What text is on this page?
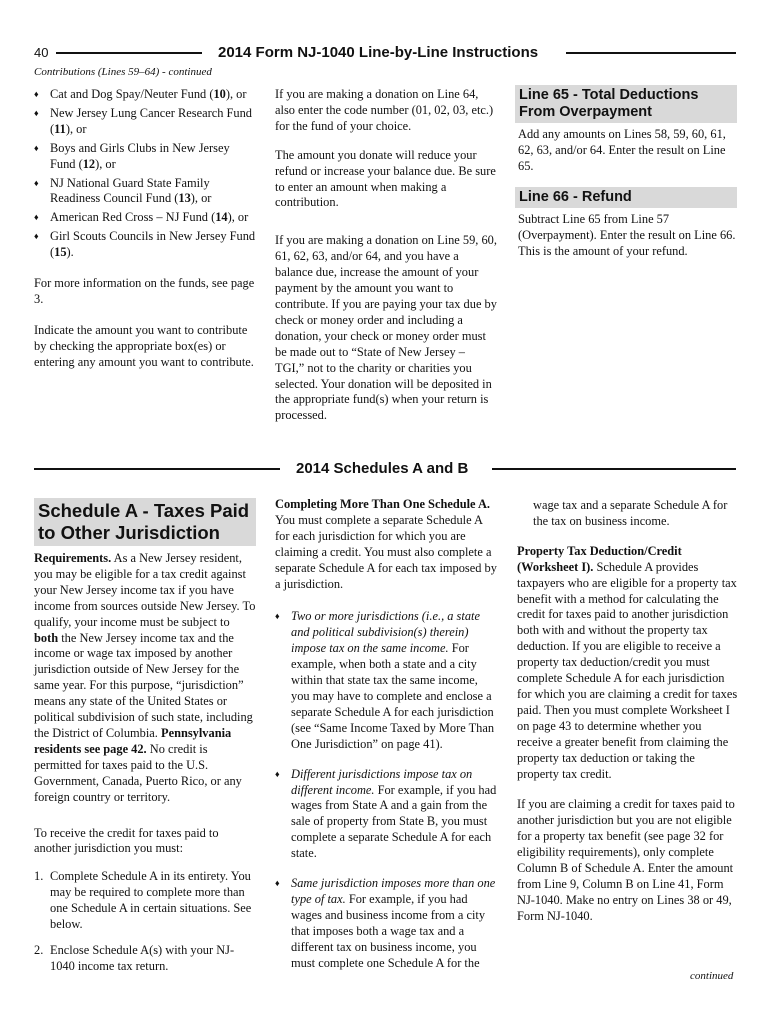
40	2014 Form NJ-1040 Line-by-Line Instructions
Contributions (Lines 59–64) - continued
♦ Cat and Dog Spay/Neuter Fund (10), or
♦ New Jersey Lung Cancer Research Fund (11), or
♦ Boys and Girls Clubs in New Jersey Fund (12), or
♦ NJ National Guard State Family Readiness Council Fund (13), or
♦ American Red Cross – NJ Fund (14), or
♦ Girl Scouts Councils in New Jersey Fund (15).

For more information on the funds, see page 3.

Indicate the amount you want to contribute by checking the appropriate box(es) or entering any amount you want to contribute.

If you are making a donation on Line 64, also enter the code number (01, 02, 03, etc.) for the fund of your choice.

The amount you donate will reduce your refund or increase your balance due. Be sure to enter an amount when making a contribution.

If you are making a donation on Line 59, 60, 61, 62, 63, and/or 64, and you have a balance due, increase the amount of your payment by the amount you want to contribute. If you are paying your tax due by check or money order and including a donation, your check or money order must be made out to “State of New Jersey – TGI,” not to the charity or charities you selected. Your donation will be deposited in the appropriate fund(s) when your return is processed.

Line 65 - Total Deductions From Overpayment

Add any amounts on Lines 58, 59, 60, 61, 62, 63, and/or 64. Enter the result on Line 65.

Line 66 - Refund

Subtract Line 65 from Line 57 (Overpayment). Enter the result on Line 66. This is the amount of your refund.

2014 Schedules A and B
Schedule A - Taxes Paid to Other Jurisdiction

Requirements. As a New Jersey resident, you may be eligible for a tax credit against your New Jersey income tax if you have income from sources outside New Jersey. To qualify, your income must be subject to both the New Jersey income tax and the income or wage tax imposed by another jurisdiction outside of New Jersey for the same year. For this purpose, “jurisdiction” means any state of the United States or political subdivision of such state, including the District of Columbia. Pennsylvania residents see page 42. No credit is permitted for taxes paid to the U.S. Government, Canada, Puerto Rico, or any foreign country or territory.

To receive the credit for taxes paid to another jurisdiction you must:

1. Complete Schedule A in its entirety. You may be required to complete more than one Schedule A in certain situations. See below.
2. Enclose Schedule A(s) with your NJ-1040 income tax return.

Completing More Than One Schedule A. You must complete a separate Schedule A for each jurisdiction for which you are claiming a credit. You must also complete a separate Schedule A for each tax imposed by a jurisdiction.

♦ Two or more jurisdictions (i.e., a state and political subdivision(s) therein) impose tax on the same income. For example, when both a state and a city within that state tax the same income, you may have to complete and enclose a separate Schedule A for each jurisdiction (see “Same Income Taxed by More Than One Jurisdiction” on page 41).
♦ Different jurisdictions impose tax on different income. For example, if you had wages from State A and a gain from the sale of property from State B, you must complete a separate Schedule A for each state.
♦ Same jurisdiction imposes more than one type of tax. For example, if you had wages and business income from a city that imposes both a wage tax and a different tax on business income, you must complete one Schedule A for the

wage tax and a separate Schedule A for the tax on business income.

Property Tax Deduction/Credit (Worksheet I). Schedule A provides taxpayers who are eligible for a property tax benefit with a method for calculating the credit for taxes paid to another jurisdiction both with and without the property tax deduction. If you are eligible to receive a property tax deduction/credit you must complete Schedule A for each jurisdiction for which you are claiming a credit for taxes paid. Then you must complete Worksheet I on page 43 to determine whether you receive a greater benefit from claiming the property tax deduction or taking the property tax credit.

If you are claiming a credit for taxes paid to another jurisdiction but you are not eligible for a property tax benefit (see page 32 for eligibility requirements), only complete Column B of Schedule A. Enter the amount from Line 9, Column B on Line 41, Form NJ-1040. Make no entry on Lines 38 or 49, Form NJ-1040.

continued
